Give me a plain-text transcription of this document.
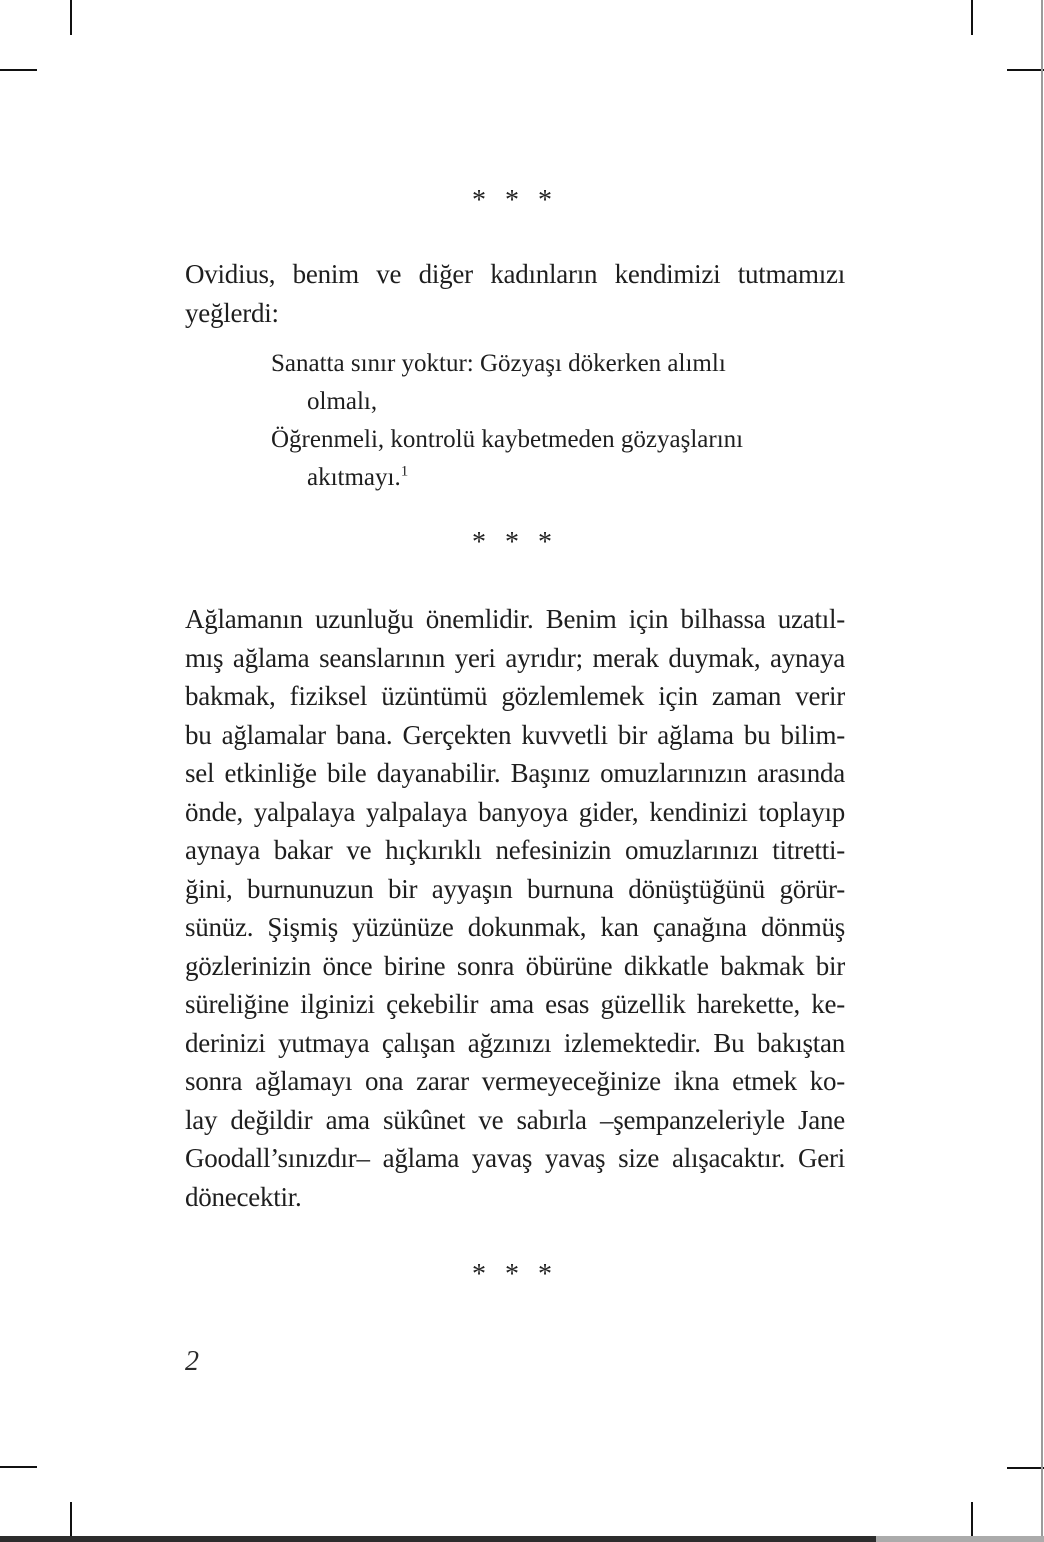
* * *
Ovidius, benim ve diğer kadınların kendimizi tutmamızı
yeğlerdi:
Sanatta sınır yoktur: Gözyaşı dökerken alımlı
olmalı,
Öğrenmeli, kontrolü kaybetmeden gözyaşlarını
akıtmayı.$^1$
* * *
Ağlamanın uzunluğu önemlidir. Benim için bilhassa uzatıl-
mış ağlama seanslarının yeri ayrıdır; merak duymak, aynaya
bakmak, fiziksel üzüntümü gözlemlemek için zaman verir
bu ağlamalar bana. Gerçekten kuvvetli bir ağlama bu bilim-
sel etkinliğe bile dayanabilir. Başınız omuzlarınızın arasında
önde, yalpalaya yalpalaya banyoya gider, kendinizi toplayıp
aynaya bakar ve hıçkırıklı nefesinizin omuzlarınızı titretti-
ğini, burnunuzun bir ayyaşın burnuna dönüştüğünü görür-
sünüz. Şişmiş yüzünüze dokunmak, kan çanağına dönmüş
gözlerinizin önce birine sonra öbürüne dikkatle bakmak bir
süreliğine ilginizi çekebilir ama esas güzellik harekette, ke-
derinizi yutmaya çalışan ağzınızı izlemektedir. Bu bakıştan
sonra ağlamayı ona zarar vermeyeceğinize ikna etmek ko-
lay değildir ama sükûnet ve sabırla –şempanzeleriyle Jane
Goodall’sınızdır– ağlama yavaş yavaş size alışacaktır. Geri
dönecektir.
* * *
2
